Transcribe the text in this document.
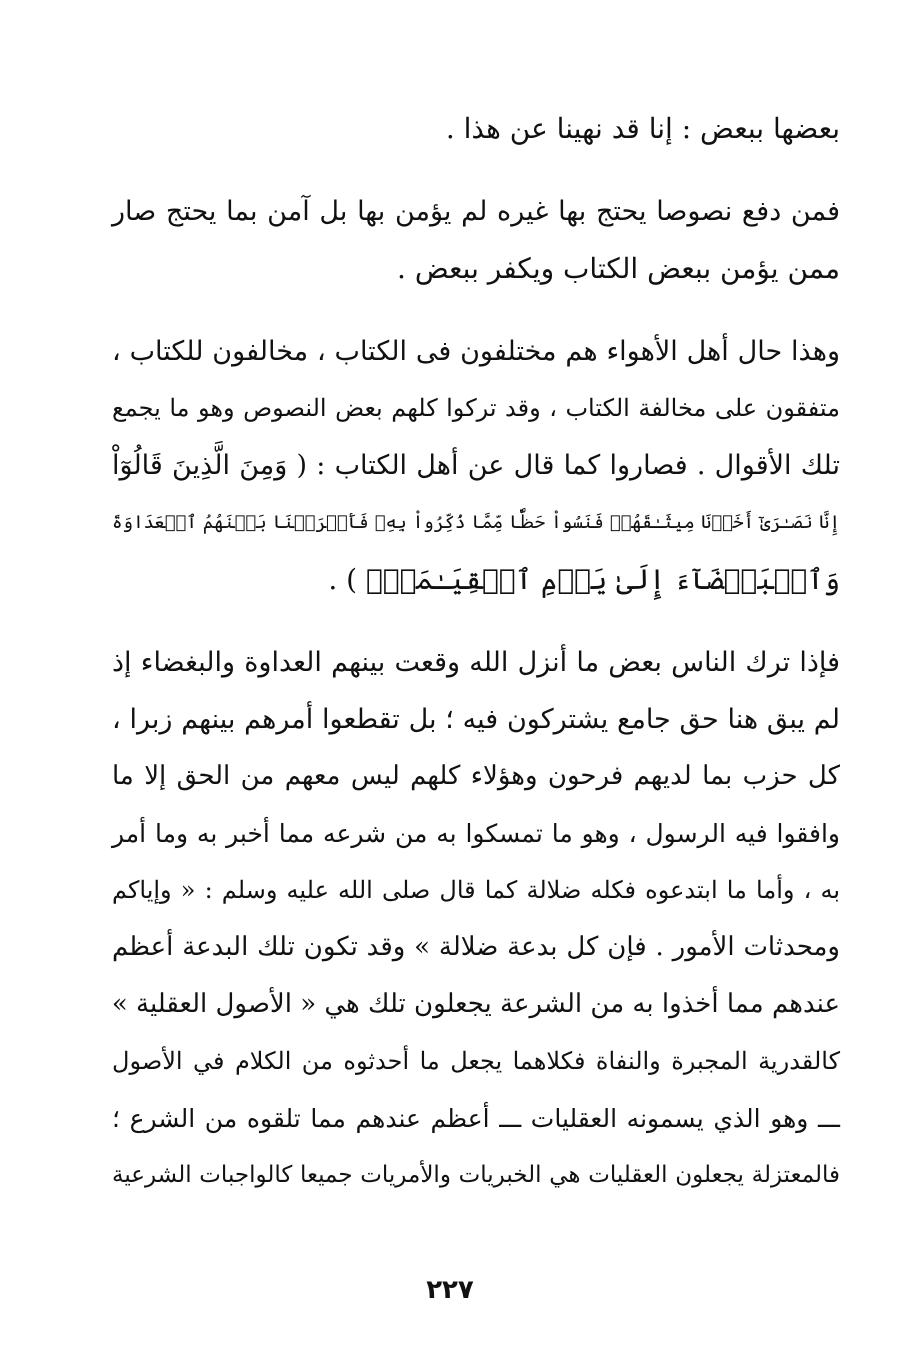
بعضها ببعض : إنا قد نهينا عن هذا .
فمن دفع نصوصا يحتج بها غيره لم يؤمن بها بل آمن بما يحتج صار
ممن يؤمن ببعض الكتاب ويكفر ببعض .
وهذا حال أهل الأهواء هم مختلفون فى الكتاب ، مخالفون للكتاب ،
متفقون على مخالفة الكتاب ، وقد تركوا كلهم بعض النصوص وهو ما يجمع
تلك الأقوال . فصاروا كما قال عن أهل الكتاب : ( وَمِنَ الَّذِينَ قَالُوٓاْ
إِنَّا نَصَـٰرَىٰٓ أَخَذۡنَا مِيثَـٰقَهُمۡ فَنَسُواْ حَظّٗا مِّمَّا ذُكِّرُواْ بِهِۦ فَأَغۡرَيۡنَا بَيۡنَهُمُ ٱلۡعَدَاوَةَ
وَٱلۡبَغۡضَآءَ إِلَىٰ يَوۡمِ ٱلۡقِيَـٰمَةِۚ ) .
فإذا ترك الناس بعض ما أنزل الله وقعت بينهم العداوة والبغضاء إذ
لم يبق هنا حق جامع يشتركون فيه ؛ بل تقطعوا أمرهم بينهم زبرا ،
كل حزب بما لديهم فرحون وهؤلاء كلهم ليس معهم من الحق إلا ما
وافقوا فيه الرسول ، وهو ما تمسكوا به من شرعه مما أخبر به وما أمر
به ، وأما ما ابتدعوه فكله ضلالة كما قال صلى الله عليه وسلم : « وإياكم
ومحدثات الأمور . فإن كل بدعة ضلالة » وقد تكون تلك البدعة أعظم
عندهم مما أخذوا به من الشرعة يجعلون تلك هي « الأصول العقلية »
كالقدرية المجبرة والنفاة فكلاهما يجعل ما أحدثوه من الكلام في الأصول
ـــ وهو الذي يسمونه العقليات ـــ أعظم عندهم مما تلقوه من الشرع ؛
فالمعتزلة يجعلون العقليات هي الخبريات والأمريات جميعا كالواجبات الشرعية
٢٢٧
